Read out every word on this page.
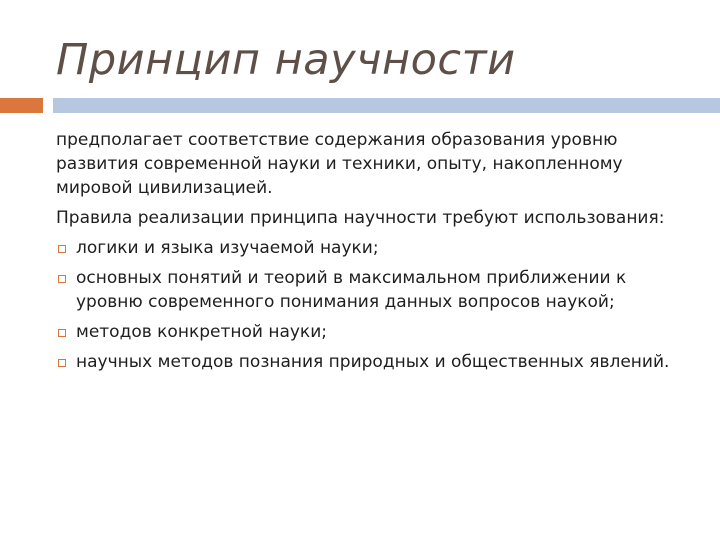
Принцип научности

предполагает соответствие содержания образования уровню развития современной науки и техники, опыту, накопленному мировой цивилизацией.

Правила реализации принципа научности требуют использования:

логики и языка изучаемой науки;
основных понятий и теорий в максимальном приближении к уровню современного понимания данных вопросов наукой;
методов конкретной науки;
научных методов познания природных и общественных явлений.
